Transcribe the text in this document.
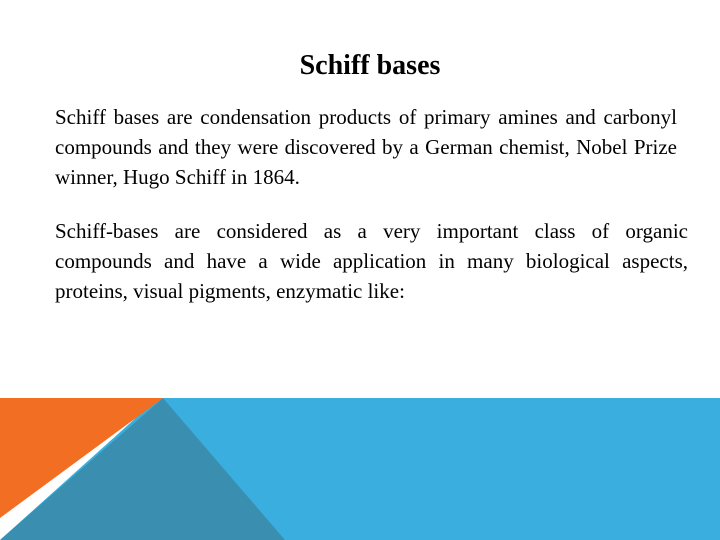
Schiff bases

Schiff bases are condensation products of primary amines and carbonyl compounds and they were discovered by a German chemist, Nobel Prize winner, Hugo Schiff in 1864.

Schiff-bases are considered as a very important class of organic compounds and have a wide application in many biological aspects, proteins, visual pigments, enzymatic like:
